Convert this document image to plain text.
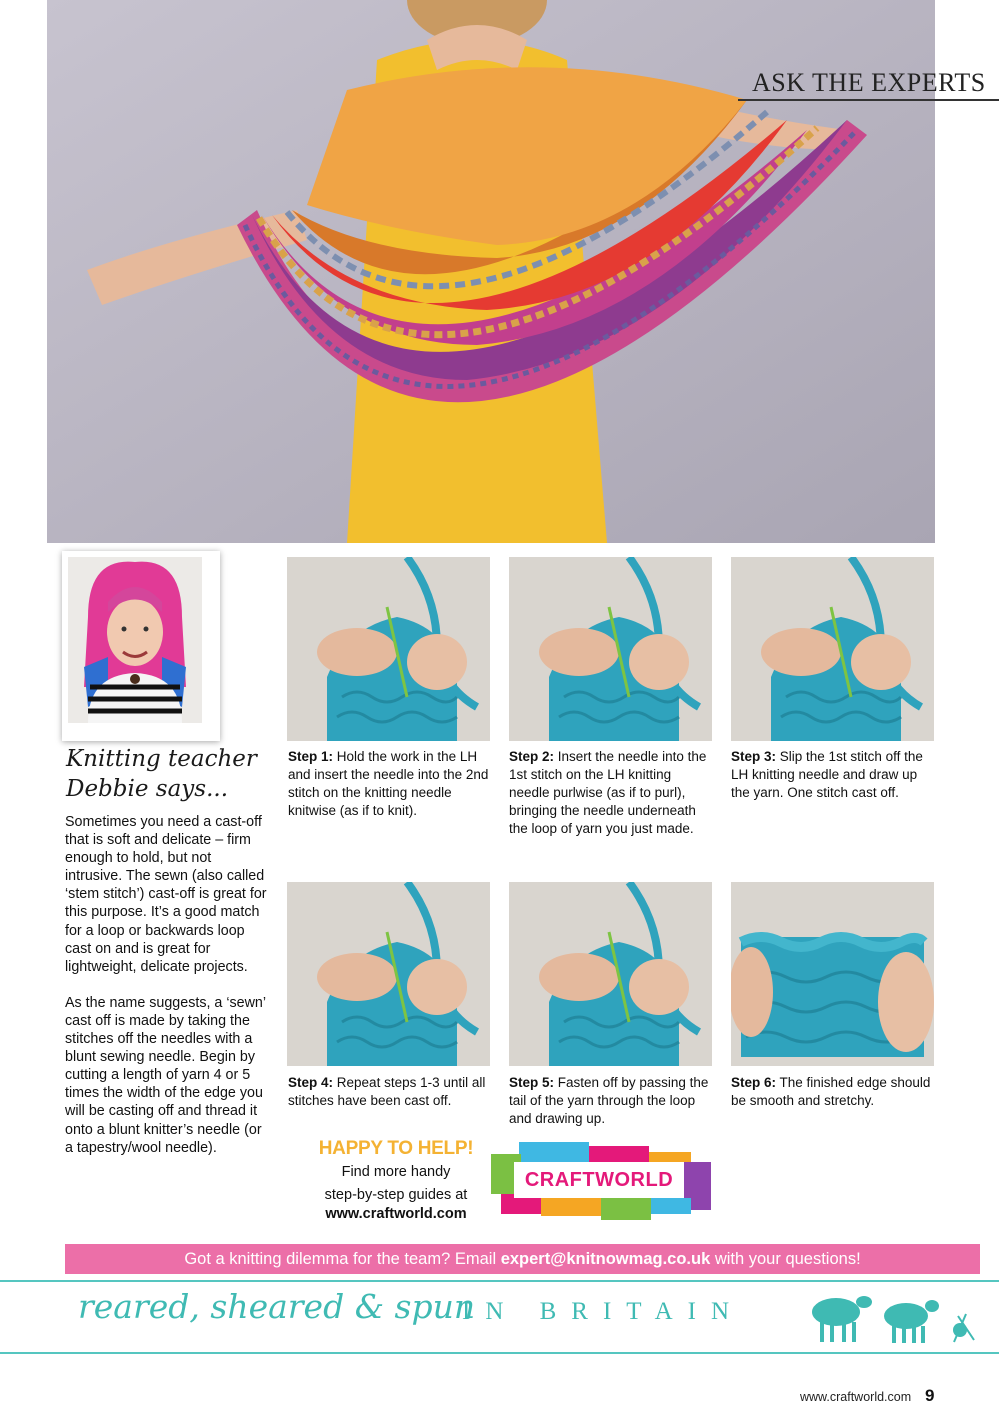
ASK THE EXPERTS
Knitting teacher
Debbie says...

Sometimes you need a cast-off that is soft and delicate – firm enough to hold, but not intrusive. The sewn (also called ‘stem stitch’) cast-off is great for this purpose. It’s a good match for a loop or backwards loop cast on and is great for lightweight, delicate projects.

As the name suggests, a ‘sewn’ cast off is made by taking the stitches off the needles with a blunt sewing needle. Begin by cutting a length of yarn 4 or 5 times the width of the edge you will be casting off and thread it onto a blunt knitter’s needle (or a tapestry/wool needle).

Step 1: Hold the work in the LH and insert the needle into the 2nd stitch on the knitting needle knitwise (as if to knit).
Step 2: Insert the needle into the 1st stitch on the LH knitting needle purlwise (as if to purl), bringing the needle underneath the loop of yarn you just made.
Step 3: Slip the 1st stitch off the LH knitting needle and draw up the yarn. One stitch cast off.
Step 4: Repeat steps 1-3 until all stitches have been cast off.
Step 5: Fasten off by passing the tail of the yarn through the loop and drawing up.
Step 6: The finished edge should be smooth and stretchy.
HAPPY TO HELP!
Find more handy
step-by-step guides at
www.craftworld.com
CRAFTWORLD
Got a knitting dilemma for the team? Email expert@knitnowmag.co.uk with your questions!
reared, sheared & spun
IN BRITAIN
www.craftworld.com 9
